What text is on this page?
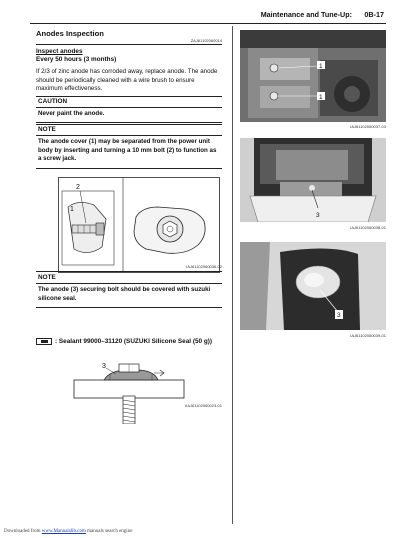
Maintenance and Tune-Up: 0B-17
Anodes Inspection
ZAJ61102060014
Inspect anodes
Every 50 hours (3 months)
If 2/3 of zinc anode has corroded away, replace anode. The anode should be periodically cleaned with a wire brush to ensure maximum effectiveness.
CAUTION
Never paint the anode.
NOTE
The anode cover (1) may be separated from the power unit body by inserting and turning a 10 mm bolt (2) to function as a screw jack.
2
1
IAJ61102060036-02
NOTE
The anode (3) securing bolt should be covered with suzuki silicone seal.
: Sealant 99000–31120 (SUZUKI Silicone Seal (50 g))
3
IIAJ61102060023-01
1
1
IAJ61102060037-03
3
IAJ61102060038-01
3
IAJ61102060039-01
Downloaded from www.Manualslib.com manuals search engine
